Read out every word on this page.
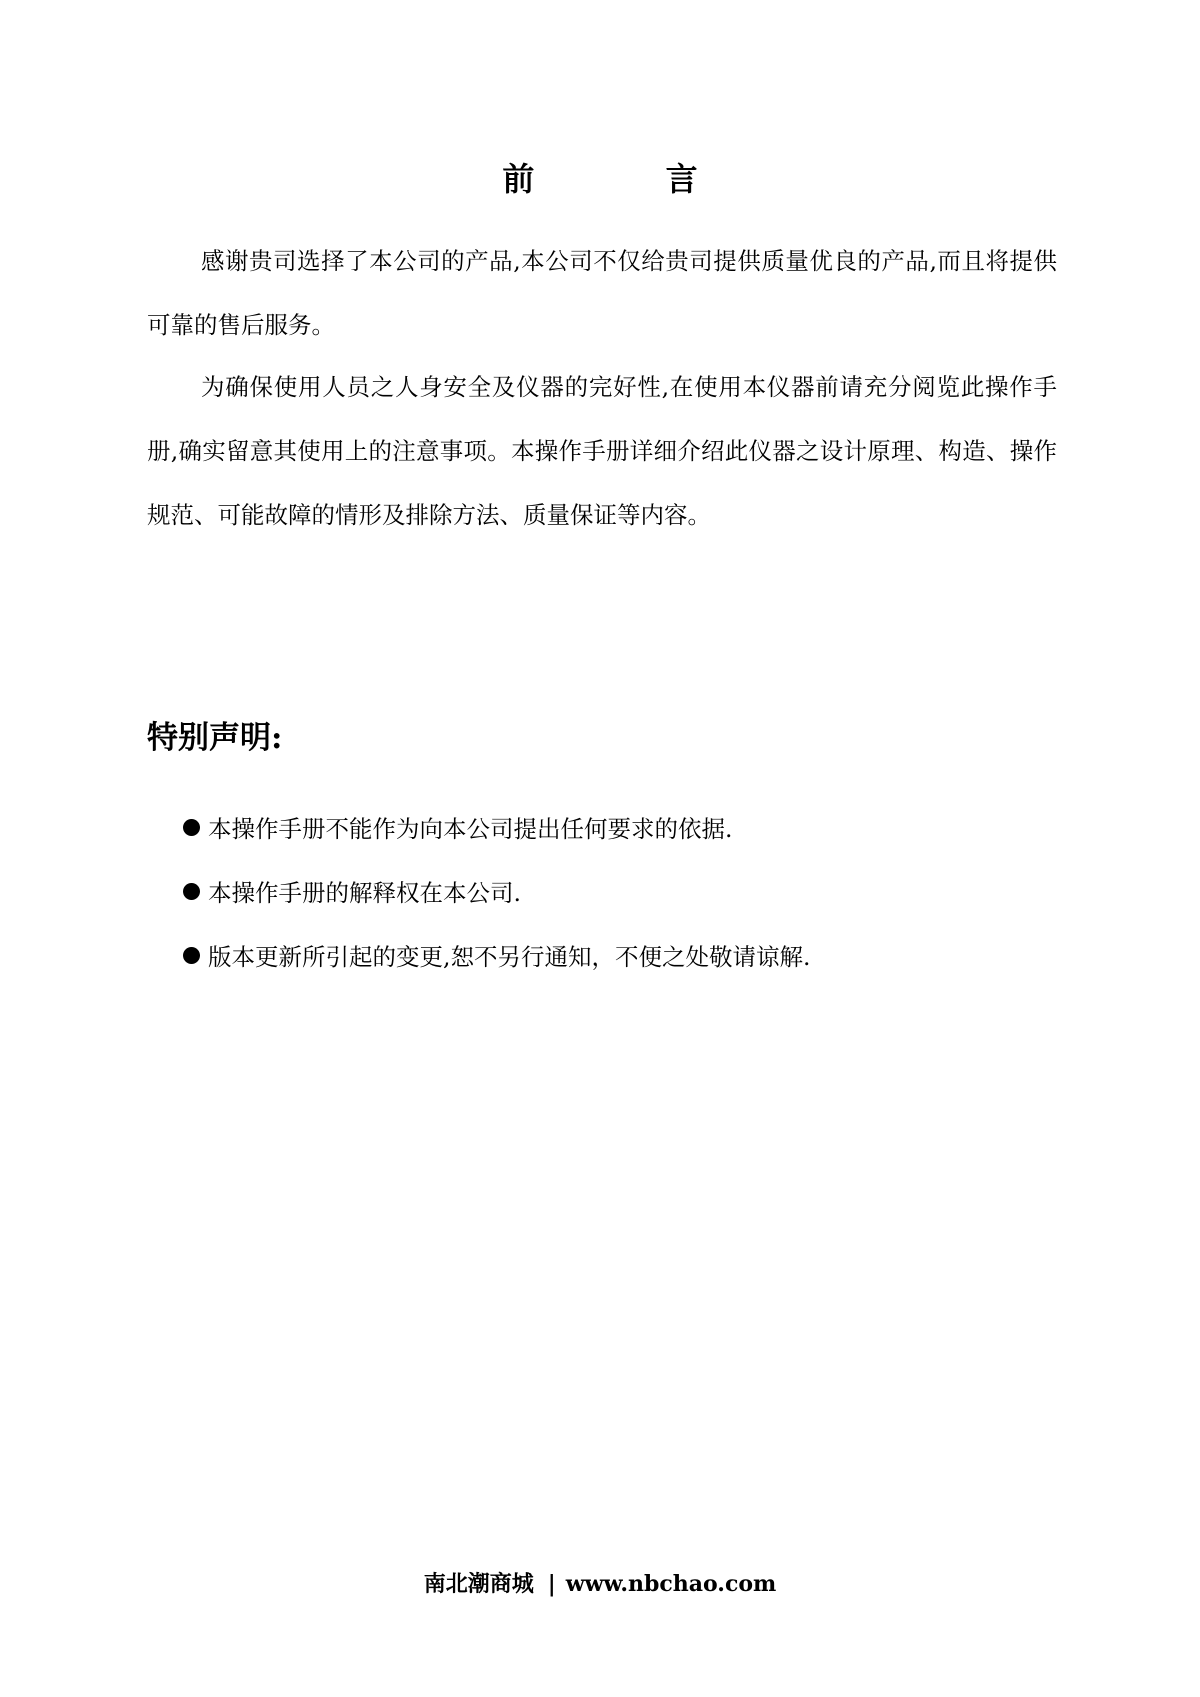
前 言

感谢贵司选择了本公司的产品,本公司不仅给贵司提供质量优良的产品,而且将提供可靠的售后服务。

为确保使用人员之人身安全及仪器的完好性,在使用本仪器前请充分阅览此操作手册,确实留意其使用上的注意事项。本操作手册详细介绍此仪器之设计原理、构造、操作规范、可能故障的情形及排除方法、质量保证等内容。

特别声明:
本操作手册不能作为向本公司提出任何要求的依据.
本操作手册的解释权在本公司.
版本更新所引起的变更,恕不另行通知，不便之处敬请谅解.
南北潮商城 | www.nbchao.com
